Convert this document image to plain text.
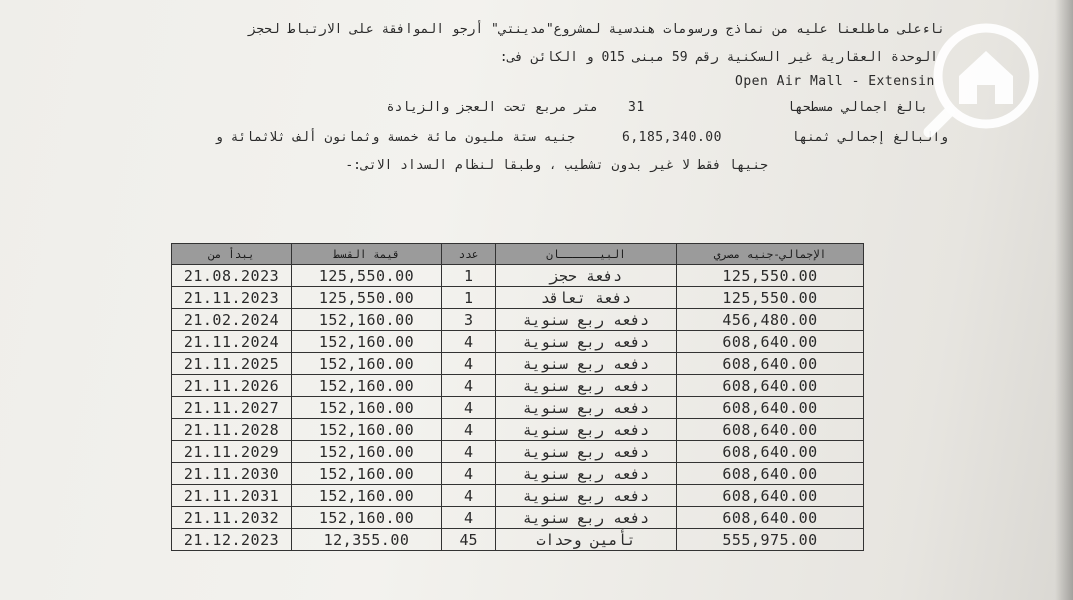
ناءعلى ماطلعنا عليه من نماذج ورسومات هندسية لمشروع"مدينتي" أرجو الموافقة على الارتباط لحجز
الوحدة العقارية غير السكنية رقم 59 مبنى 015 و الكائن فى:
Open Air Mall - Extensin
بالغ اجمالي مسطحها
31
متر مربع تحت العجز والزيادة
والبالغ إجمالي ثمنها
6,185,340.00
جنيه ستة مليون مائة خمسة وثمانون ألف ثلاثمائة و
جنيها فقط لا غير بدون تشطيب ، وطبقا لنظام السداد الاتى:-
يبدأ من	قيمة القسط	عدد	البيــــــان	الإجمالي-جنيه مصري
21.08.2023	125,550.00	1	دفعة حجز	125,550.00
21.11.2023	125,550.00	1	دفعة تعاقد	125,550.00
21.02.2024	152,160.00	3	دفعه ربع سنوية	456,480.00
21.11.2024	152,160.00	4	دفعه ربع سنوية	608,640.00
21.11.2025	152,160.00	4	دفعه ربع سنوية	608,640.00
21.11.2026	152,160.00	4	دفعه ربع سنوية	608,640.00
21.11.2027	152,160.00	4	دفعه ربع سنوية	608,640.00
21.11.2028	152,160.00	4	دفعه ربع سنوية	608,640.00
21.11.2029	152,160.00	4	دفعه ربع سنوية	608,640.00
21.11.2030	152,160.00	4	دفعه ربع سنوية	608,640.00
21.11.2031	152,160.00	4	دفعه ربع سنوية	608,640.00
21.11.2032	152,160.00	4	دفعه ربع سنوية	608,640.00
21.12.2023	12,355.00	45	تأمين وحدات	555,975.00
